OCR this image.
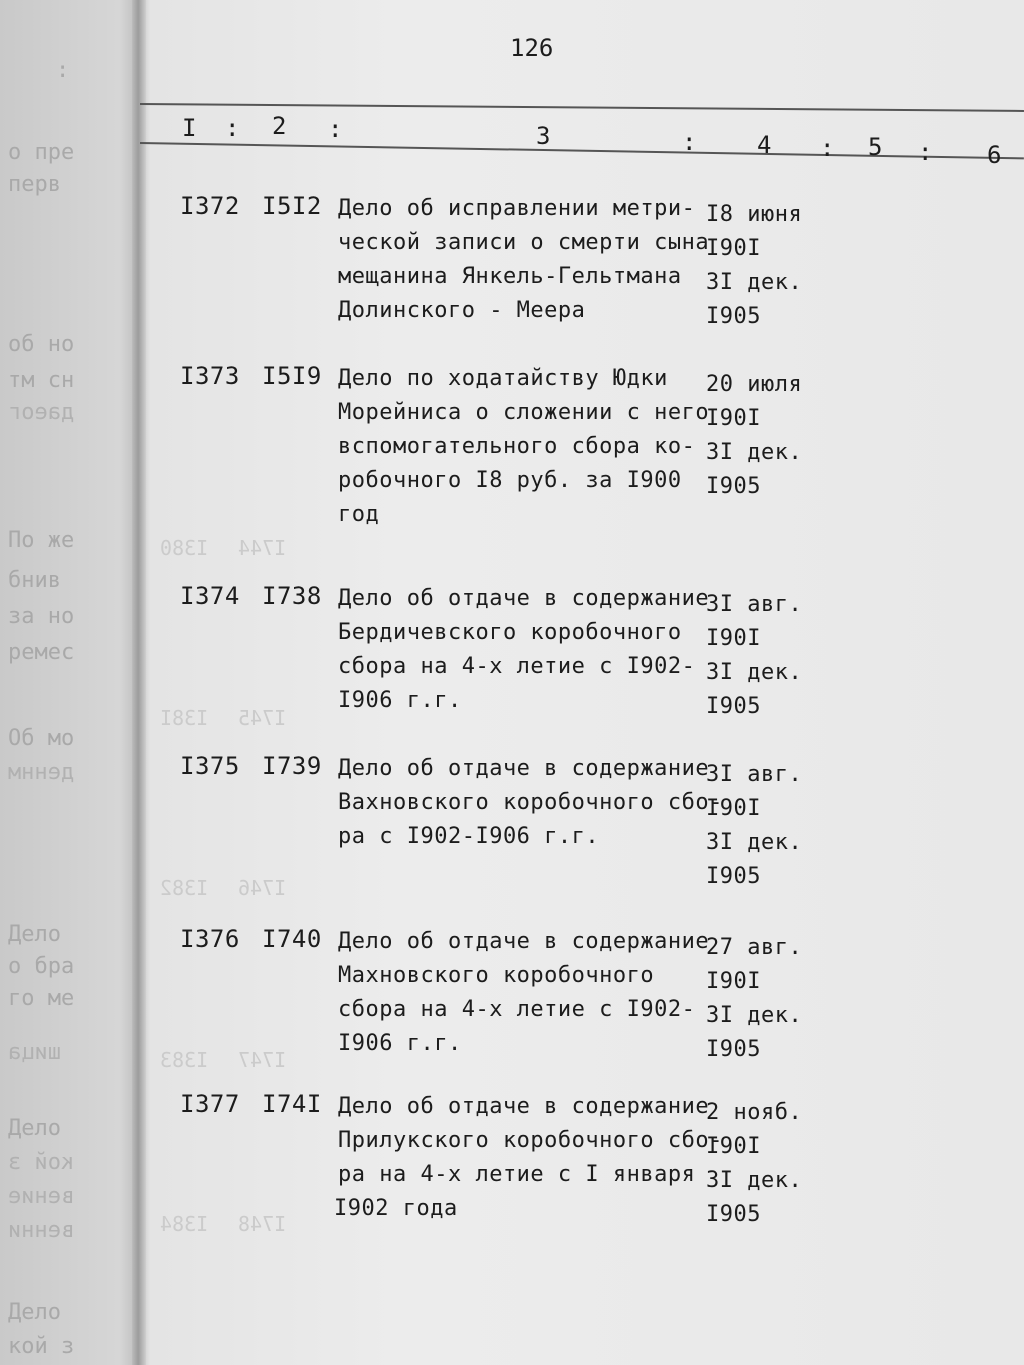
:
о пре
перв
об но
тм сн
даеог
По же
бнив
за но
ремес
Об мо
деннм
Дело
о бра
го ме
шица
Дело
кой з
вение
венни
Дело
кой з
126
I : 2 :	3	:	4 : 5 : 6
I380 I744
I38I I745
I382 I746
I383 I747
I384 I748
I372 I5I2 Дело об исправлении метри-
ческой записи о смерти сына
мещанина Янкель-Гельтмана
Долинского - Меера
I8 июня
I90I
3I дек.
I905
I373 I5I9 Дело по ходатайству Юдки
Морейниса о сложении с него
вспомогательного сбора ко-
робочного I8 руб. за I900
год
20 июля
I90I
3I дек.
I905
I374 I738 Дело об отдаче в содержание
Бердичевского коробочного
сбора на 4-х летие с I902-
I906 г.г.
3I авг.
I90I
3I дек.
I905
I375 I739 Дело об отдаче в содержание
Вахновского коробочного сбо-
ра с I902-I906 г.г.
3I авг.
I90I
3I дек.
I905
I376 I740 Дело об отдаче в содержание
Махновского коробочного
сбора на 4-х летие с I902-
I906 г.г.
27 авг.
I90I
3I дек.
I905
I377 I74I Дело об отдаче в содержание
Прилукского коробочного сбо-
ра на 4-х летие с I января
I902 года
2 нояб.
I90I
3I дек.
I905
